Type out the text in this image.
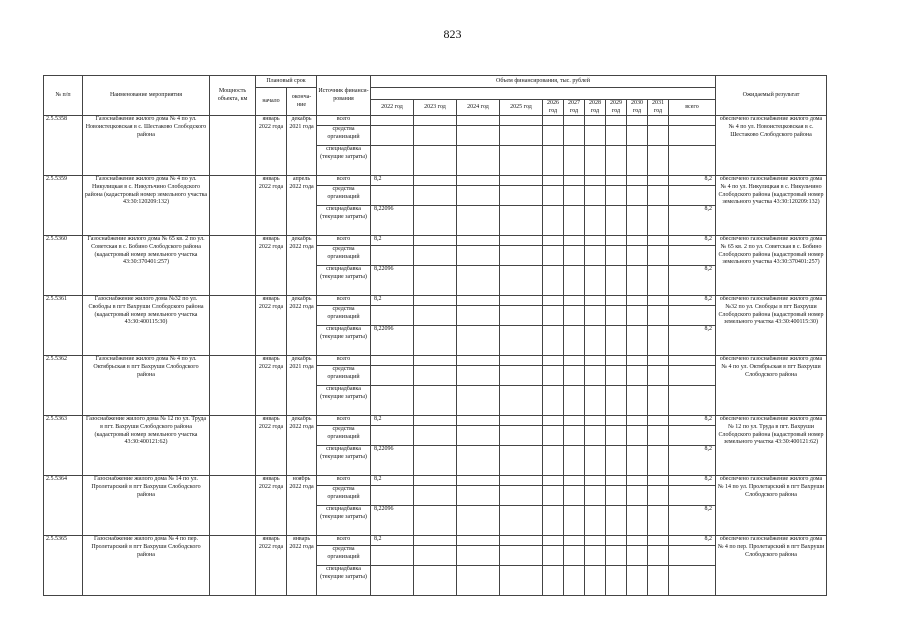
823
№ п/п	Наименование мероприятия	Мощность объекта, км	Плановый срок		Источник финанси-рования	Объем финансирования, тыс. рублей											Ожидаемый результат
			начало	оконча-ние													
						2022 год	2023 год	2024 год	2025 год	2026 год	2027 год	2028 год	2029 год	2030 год	2031 год	всего	
2.5.5358	Газоснабжение жилого дома № 4 по ул. Новоистецковская в с. Шестаково Слободского района		январь 2022 года	декабрь 2021 года	всего												обеспечено газоснабжение жилого дома № 4 по ул. Новоистецковская в с. Шестаково Слободского района
					средства организаций												
					спецнадбавка (текущие затраты)												
2.5.5359	Газоснабжение жилого дома № 4 по ул. Никулицкая в с. Никулъчино Слободского района (кадастровый номер земельного участка 43:30:120209:132)		январь 2022 года	апрель 2022 года	всего	8,2										8,2	обеспечено газоснабжение жилого дома № 4 по ул. Никулицкая в с. Никульчино Слободского района (кадастровый номер земельного участка 43:30:120209:132)
					средства организаций												
					спецнадбавка (текущие затраты)	8,22096										8,2	
2.5.5360	Газоснабжение жилого дома № 65 кв. 2 по ул. Советская в с. Бобино Слободского района (кадастровый номер земельного участка 43:30:370401:257)		январь 2022 года	декабрь 2022 года	всего	8,2										8,2	обеспечено газоснабжение жилого дома № 65 кв. 2 по ул. Советская в с. Бобино Слободского района (кадастровый номер земельного участка 43:30:370401:257)
					средства организаций												
					спецнадбавка (текущие затраты)	8,22096										8,2	
2.5.5361	Газоснабжение жилого дома №32 по ул. Свободы в пгт Вахруши Слободского района (кадастровый номер земельного участка 43:30:400115:30)		январь 2022 года	декабрь 2022 года	всего	8,2										8,2	обеспечено газоснабжение жилого дома №32 по ул. Свободы в пгт Вахруши Слободского района (кадастровый номер земельного участка 43:30:400115:30)
					средства организаций												
					спецнадбавка (текущие затраты)	8,22096										8,2	
2.5.5362	Газоснабжение жилого дома № 4 по ул. Октябрьская в пгт Вахруши Слободского района		январь 2022 года	декабрь 2021 года	всего												обеспечено газоснабжение жилого дома № 4 по ул. Октябрьская в пгт Вахруши Слободского района
					средства организаций												
					спецнадбавка (текущие затраты)												
2.5.5363	Газоснабжение жилого дома № 12 по ул. Труда в пгт. Вахруши Слободского района (кадастровый номер земельного участка 43:30:400121:62)		январь 2022 года	декабрь 2022 года	всего	8,2										8,2	обеспечено газоснабжение жилого дома № 12 по ул. Труда в пгт. Вахруши Слободского района (кадастровый номер земельного участка 43:30:400121:62)
					средства организаций												
					спецнадбавка (текущие затраты)	8,22096										8,2	
2.5.5364	Газоснабжение жилого дома № 14 по ул. Пролетарский в пгт Вахруши Слободского района		январь 2022 года	ноябрь 2022 года	всего	8,2										8,2	обеспечено газоснабжение жилого дома № 14 по ул. Пролетарский в пгт Вахруши Слободского района
					средства организаций												
					спецнадбавка (текущие затраты)	8,22096										8,2	
2.5.5365	Газоснабжение жилого дома № 4 по пер. Пролетарский в пгт Вахруши Слободского района		январь 2022 года	январь 2022 года	всего	8,2										8,2	обеспечено газоснабжение жилого дома № 4 по пер. Пролетарский в пгт Вахруши Слободского района
					средства организаций												
					спецнадбавка (текущие затраты)												
